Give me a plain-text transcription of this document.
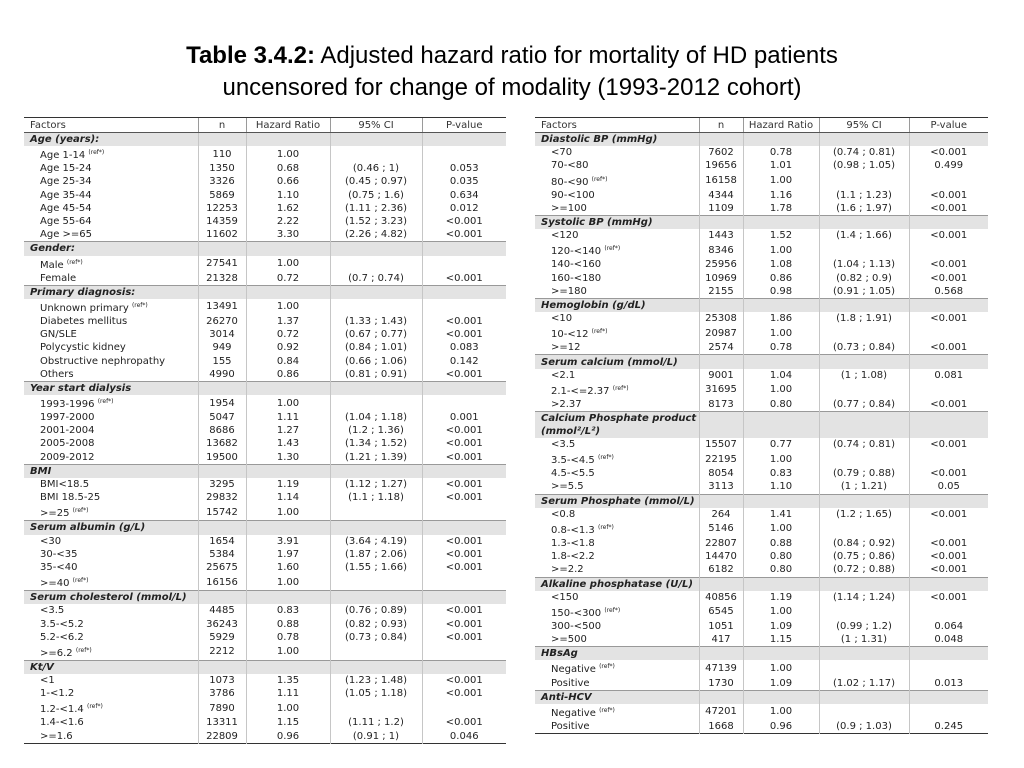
Table 3.4.2: Adjusted hazard ratio for mortality of HD patients
uncensored for change of modality (1993-2012 cohort)
Factors	n	Hazard Ratio	95% CI	P-value
Age (years):				
Age 1-14 $^{(ref*)}$	110	1.00		
Age 15-24	1350	0.68	(0.46 ; 1)	0.053
Age 25-34	3326	0.66	(0.45 ; 0.97)	0.035
Age 35-44	5869	1.10	(0.75 ; 1.6)	0.634
Age 45-54	12253	1.62	(1.11 ; 2.36)	0.012
Age 55-64	14359	2.22	(1.52 ; 3.23)	<0.001
Age >=65	11602	3.30	(2.26 ; 4.82)	<0.001
Gender:				
Male $^{(ref*)}$	27541	1.00		
Female	21328	0.72	(0.7 ; 0.74)	<0.001
Primary diagnosis:				
Unknown primary $^{(ref*)}$	13491	1.00		
Diabetes mellitus	26270	1.37	(1.33 ; 1.43)	<0.001
GN/SLE	3014	0.72	(0.67 ; 0.77)	<0.001
Polycystic kidney	949	0.92	(0.84 ; 1.01)	0.083
Obstructive nephropathy	155	0.84	(0.66 ; 1.06)	0.142
Others	4990	0.86	(0.81 ; 0.91)	<0.001
Year start dialysis				
1993-1996 $^{(ref*)}$	1954	1.00		
1997-2000	5047	1.11	(1.04 ; 1.18)	0.001
2001-2004	8686	1.27	(1.2 ; 1.36)	<0.001
2005-2008	13682	1.43	(1.34 ; 1.52)	<0.001
2009-2012	19500	1.30	(1.21 ; 1.39)	<0.001
BMI				
BMI<18.5	3295	1.19	(1.12 ; 1.27)	<0.001
BMI 18.5-25	29832	1.14	(1.1 ; 1.18)	<0.001
>=25 $^{(ref*)}$	15742	1.00		
Serum albumin (g/L)				
<30	1654	3.91	(3.64 ; 4.19)	<0.001
30-<35	5384	1.97	(1.87 ; 2.06)	<0.001
35-<40	25675	1.60	(1.55 ; 1.66)	<0.001
>=40 $^{(ref*)}$	16156	1.00		
Serum cholesterol (mmol/L)				
<3.5	4485	0.83	(0.76 ; 0.89)	<0.001
3.5-<5.2	36243	0.88	(0.82 ; 0.93)	<0.001
5.2-<6.2	5929	0.78	(0.73 ; 0.84)	<0.001
>=6.2 $^{(ref*)}$	2212	1.00		
Kt/V				
<1	1073	1.35	(1.23 ; 1.48)	<0.001
1-<1.2	3786	1.11	(1.05 ; 1.18)	<0.001
1.2-<1.4 $^{(ref*)}$	7890	1.00		
1.4-<1.6	13311	1.15	(1.11 ; 1.2)	<0.001
>=1.6	22809	0.96	(0.91 ; 1)	0.046
Factors	n	Hazard Ratio	95% CI	P-value
Diastolic BP (mmHg)				
<70	7602	0.78	(0.74 ; 0.81)	<0.001
70-<80	19656	1.01	(0.98 ; 1.05)	0.499
80-<90 $^{(ref*)}$	16158	1.00		
90-<100	4344	1.16	(1.1 ; 1.23)	<0.001
>=100	1109	1.78	(1.6 ; 1.97)	<0.001
Systolic BP (mmHg)				
<120	1443	1.52	(1.4 ; 1.66)	<0.001
120-<140 $^{(ref*)}$	8346	1.00		
140-<160	25956	1.08	(1.04 ; 1.13)	<0.001
160-<180	10969	0.86	(0.82 ; 0.9)	<0.001
>=180	2155	0.98	(0.91 ; 1.05)	0.568
Hemoglobin (g/dL)				
<10	25308	1.86	(1.8 ; 1.91)	<0.001
10-<12 $^{(ref*)}$	20987	1.00		
>=12	2574	0.78	(0.73 ; 0.84)	<0.001
Serum calcium (mmol/L)				
<2.1	9001	1.04	(1 ; 1.08)	0.081
2.1-<=2.37 $^{(ref*)}$	31695	1.00		
>2.37	8173	0.80	(0.77 ; 0.84)	<0.001
Calcium Phosphate product (mmol²/L²)				
<3.5	15507	0.77	(0.74 ; 0.81)	<0.001
3.5-<4.5 $^{(ref*)}$	22195	1.00		
4.5-<5.5	8054	0.83	(0.79 ; 0.88)	<0.001
>=5.5	3113	1.10	(1 ; 1.21)	0.05
Serum Phosphate (mmol/L)				
<0.8	264	1.41	(1.2 ; 1.65)	<0.001
0.8-<1.3 $^{(ref*)}$	5146	1.00		
1.3-<1.8	22807	0.88	(0.84 ; 0.92)	<0.001
1.8-<2.2	14470	0.80	(0.75 ; 0.86)	<0.001
>=2.2	6182	0.80	(0.72 ; 0.88)	<0.001
Alkaline phosphatase (U/L)				
<150	40856	1.19	(1.14 ; 1.24)	<0.001
150-<300 $^{(ref*)}$	6545	1.00		
300-<500	1051	1.09	(0.99 ; 1.2)	0.064
>=500	417	1.15	(1 ; 1.31)	0.048
HBsAg				
Negative $^{(ref*)}$	47139	1.00		
Positive	1730	1.09	(1.02 ; 1.17)	0.013
Anti-HCV				
Negative $^{(ref*)}$	47201	1.00		
Positive	1668	0.96	(0.9 ; 1.03)	0.245
